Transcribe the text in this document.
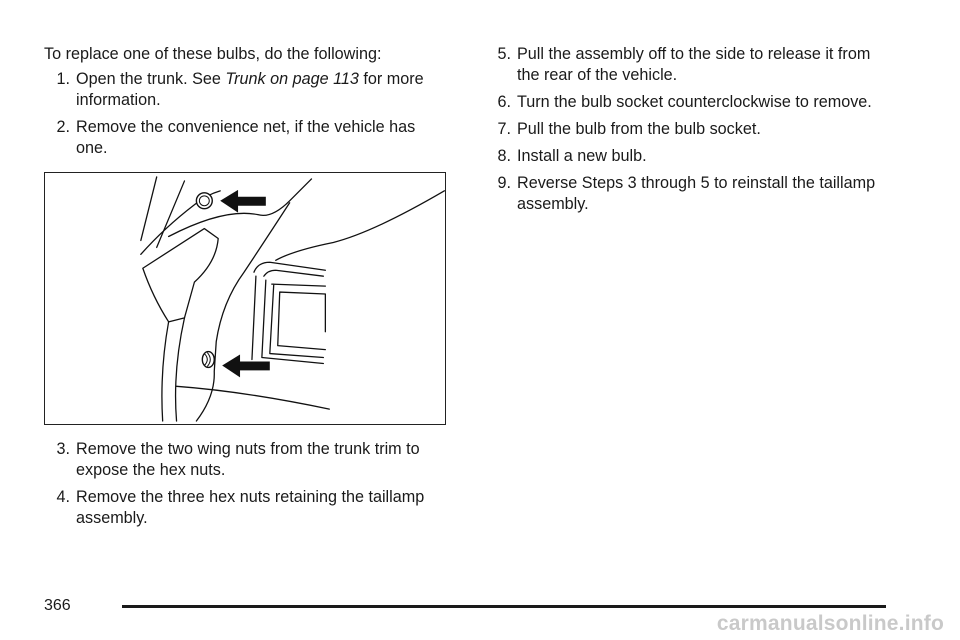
To replace one of these bulbs, do the following:

1. Open the trunk. See Trunk on page 113 for more information.
2. Remove the convenience net, if the vehicle has one.
3. Remove the two wing nuts from the trunk trim to expose the hex nuts.
4. Remove the three hex nuts retaining the taillamp assembly.
5. Pull the assembly off to the side to release it from the rear of the vehicle.
6. Turn the bulb socket counterclockwise to remove.
7. Pull the bulb from the bulb socket.
8. Install a new bulb.
9. Reverse Steps 3 through 5 to reinstall the taillamp assembly.
366
carmanualsonline.info
